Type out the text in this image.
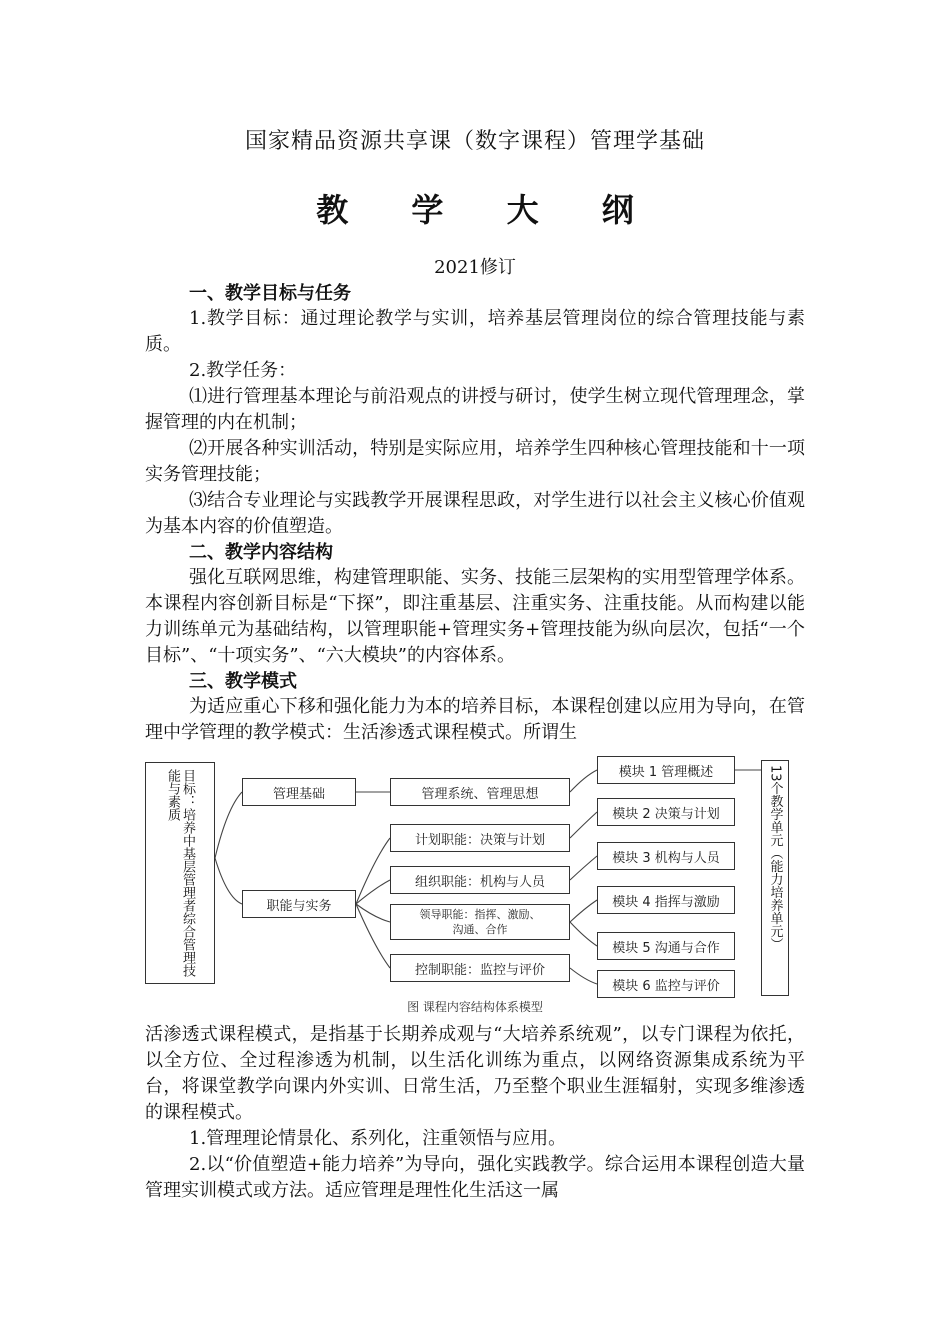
国家精品资源共享课（数字课程）管理学基础
教 学 大 纲
2021修订

一、教学目标与任务

1.教学目标：通过理论教学与实训，培养基层管理岗位的综合管理技能与素质。

2.教学任务：

⑴进行管理基本理论与前沿观点的讲授与研讨，使学生树立现代管理理念，掌握管理的内在机制；

⑵开展各种实训活动，特别是实际应用，培养学生四种核心管理技能和十一项实务管理技能；

⑶结合专业理论与实践教学开展课程思政，对学生进行以社会主义核心价值观为基本内容的价值塑造。

二、教学内容结构

强化互联网思维，构建管理职能、实务、技能三层架构的实用型管理学体系。本课程内容创新目标是“下探”，即注重基层、注重实务、注重技能。从而构建以能力训练单元为基础结构，以管理职能+管理实务+管理技能为纵向层次，包括“一个目标”、“十项实务”、“六大模块”的内容体系。

三、教学模式

为适应重心下移和强化能力为本的培养目标，本课程创建以应用为导向，在管理中学管理的教学模式：生活渗透式课程模式。所谓生

目标：培养中基层管理者综合管理技能与素质	管理基础
职能与实务
管理系统、管理思想
计划职能：决策与计划
组织职能：机构与人员
领导职能：指挥、激励、
沟通、合作
控制职能：监控与评价
模块 1 管理概述
模块 2 决策与计划
模块 3 机构与人员
模块 4 指挥与激励
模块 5 沟通与合作
模块 6 监控与评价
13个教学单元（能力培养单元）
图 课程内容结构体系模型

活渗透式课程模式，是指基于长期养成观与“大培养系统观”，以专门课程为依托，以全方位、全过程渗透为机制，以生活化训练为重点，以网络资源集成系统为平台，将课堂教学向课内外实训、日常生活，乃至整个职业生涯辐射，实现多维渗透的课程模式。

1.管理理论情景化、系列化，注重领悟与应用。

2.以“价值塑造+能力培养”为导向，强化实践教学。综合运用本课程创造大量管理实训模式或方法。适应管理是理性化生活这一属
